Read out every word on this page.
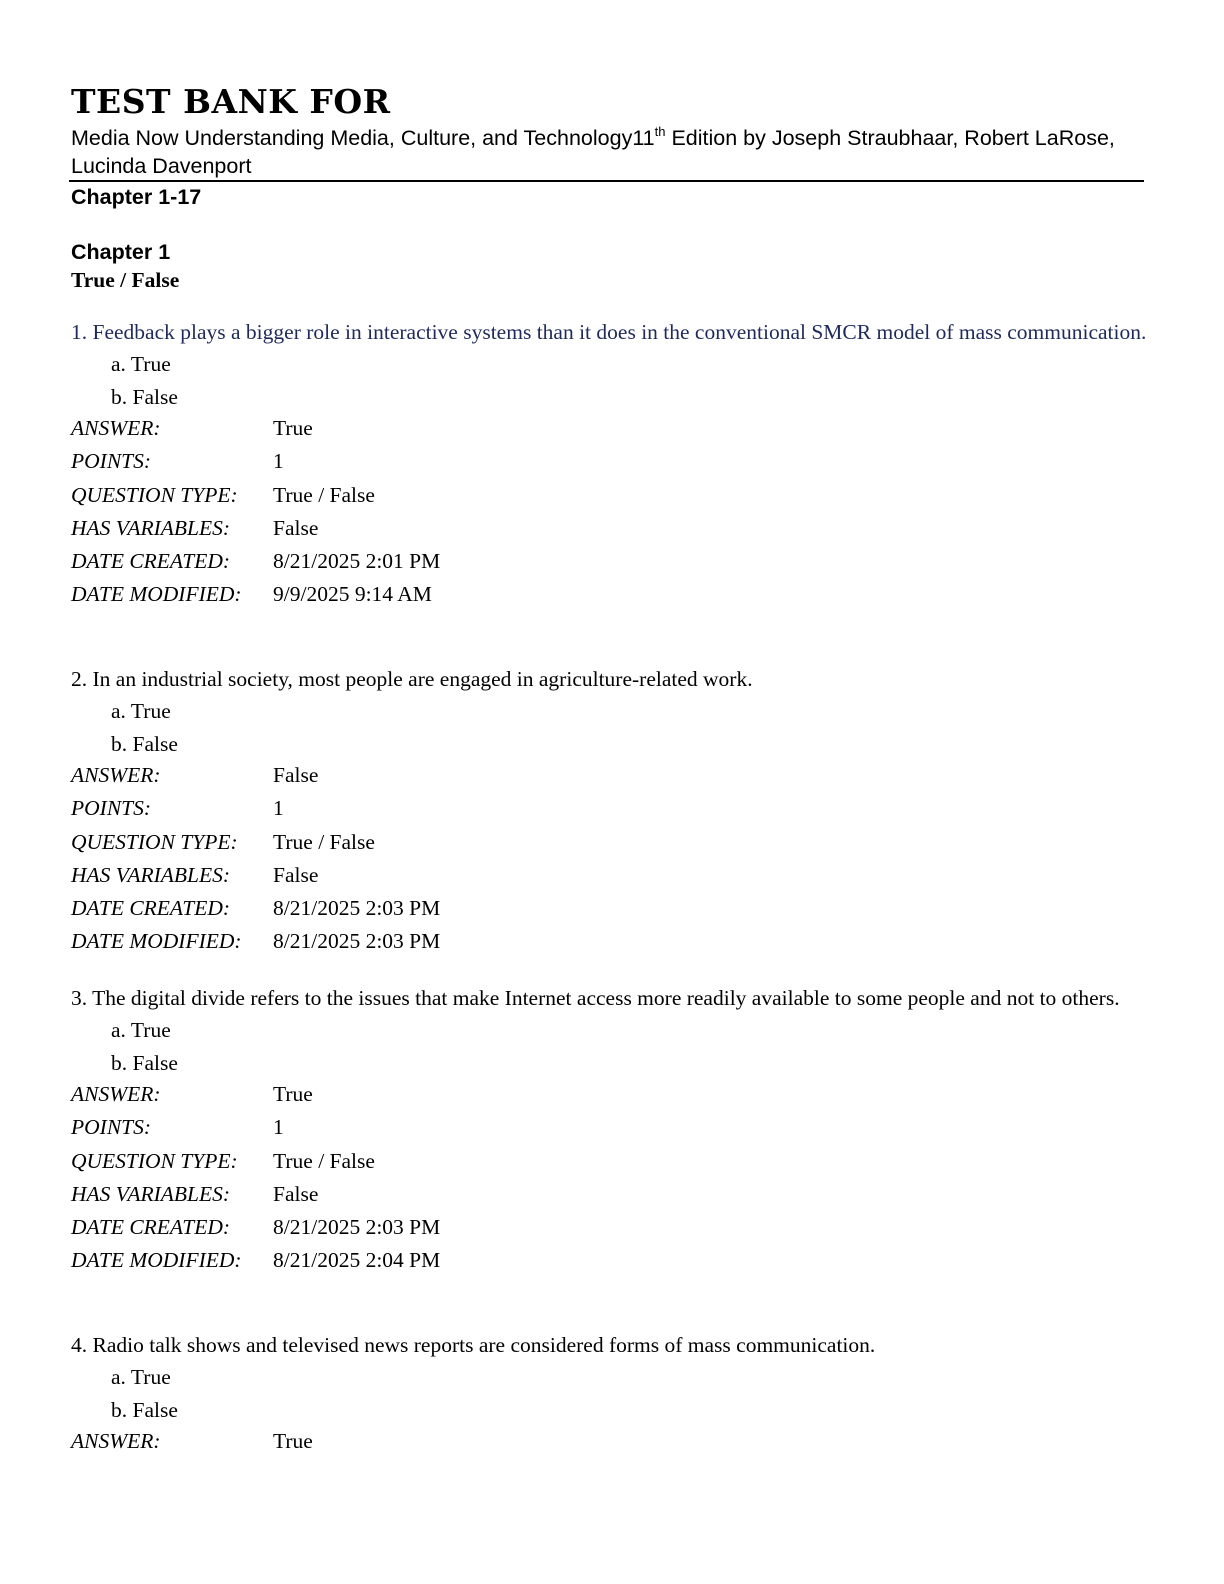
TEST BANK FOR
Media Now Understanding Media, Culture, and Technology11th Edition by Joseph Straubhaar, Robert LaRose, Lucinda Davenport
Chapter 1-17
Chapter 1
True / False
1. Feedback plays a bigger role in interactive systems than it does in the conventional SMCR model of mass communication.
a. True
b. False
ANSWER:	True
POINTS:	1
QUESTION TYPE:	True / False
HAS VARIABLES:	False
DATE CREATED:	8/21/2025 2:01 PM
DATE MODIFIED:	9/9/2025 9:14 AM
2. In an industrial society, most people are engaged in agriculture-related work.
a. True
b. False
ANSWER:	False
POINTS:	1
QUESTION TYPE:	True / False
HAS VARIABLES:	False
DATE CREATED:	8/21/2025 2:03 PM
DATE MODIFIED:	8/21/2025 2:03 PM
3. The digital divide refers to the issues that make Internet access more readily available to some people and not to others.
a. True
b. False
ANSWER:	True
POINTS:	1
QUESTION TYPE:	True / False
HAS VARIABLES:	False
DATE CREATED:	8/21/2025 2:03 PM
DATE MODIFIED:	8/21/2025 2:04 PM
4. Radio talk shows and televised news reports are considered forms of mass communication.
a. True
b. False
ANSWER:	True
